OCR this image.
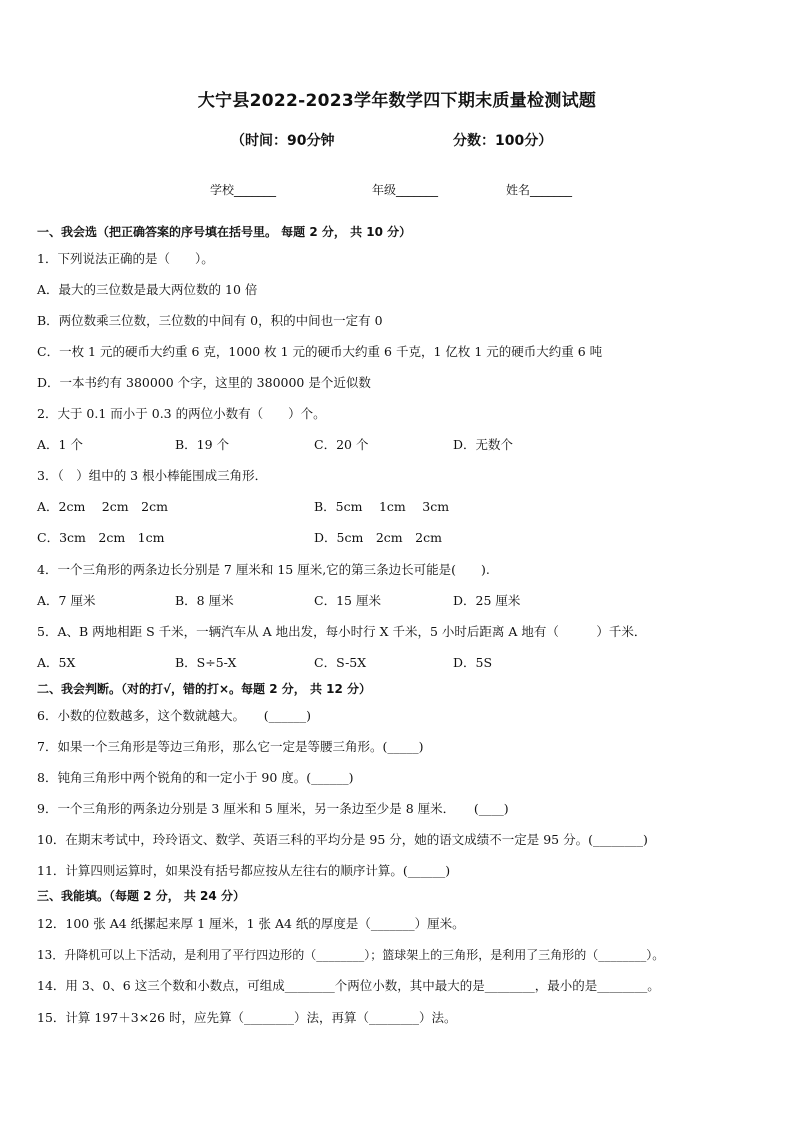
大宁县2022-2023学年数学四下期末质量检测试题
（时间：90分钟	分数：100分）
学校_______	年级_______	姓名_______
一、我会选（把正确答案的序号填在括号里。 每题 2 分， 共 10 分）
1．下列说法正确的是（　　）。
A．最大的三位数是最大两位数的 10 倍
B．两位数乘三位数，三位数的中间有 0，积的中间也一定有 0
C．一枚 1 元的硬币大约重 6 克，1000 枚 1 元的硬币大约重 6 千克，1 亿枚 1 元的硬币大约重 6 吨
D．一本书约有 380000 个字，这里的 380000 是个近似数
2．大于 0.1 而小于 0.3 的两位小数有（　　）个。
A．1 个	B．19 个	C．20 个	D．无数个
3．（　）组中的 3 根小棒能围成三角形．
A．2cm　 2cm　2cm	B．5cm　 1cm　 3cm
C．3cm　2cm　1cm	D．5cm　2cm　2cm
4．一个三角形的两条边长分别是 7 厘米和 15 厘米,它的第三条边长可能是(　　).
A．7 厘米	B．8 厘米	C．15 厘米	D．25 厘米
5．A、B 两地相距 S 千米，一辆汽车从 A 地出发，每小时行 X 千米，5 小时后距离 A 地有（　　　）千米．
A．5X	B．S÷5-X	C．S-5X	D．5S
二、我会判断。（对的打√，错的打×。每题 2 分， 共 12 分）
6．小数的位数越多，这个数就越大。　　(______)
7．如果一个三角形是等边三角形，那么它一定是等腰三角形。(_____)
8．钝角三角形中两个锐角的和一定小于 90 度。(______)
9．一个三角形的两条边分别是 3 厘米和 5 厘米，另一条边至少是 8 厘米．　　(____)
10．在期末考试中，玲玲语文、数学、英语三科的平均分是 95 分，她的语文成绩不一定是 95 分。(________)
11．计算四则运算时，如果没有括号都应按从左往右的顺序计算。(______)
三、我能填。（每题 2 分， 共 24 分）
12．100 张 A4 纸摞起来厚 1 厘米，1 张 A4 纸的厚度是（_______）厘米。
13．升降机可以上下活动，是利用了平行四边形的（________）；篮球架上的三角形，是利用了三角形的（________）。
14．用 3、0、6 这三个数和小数点，可组成________个两位小数，其中最大的是________，最小的是________。
15．计算 197＋3×26 时，应先算（________）法，再算（________）法。
